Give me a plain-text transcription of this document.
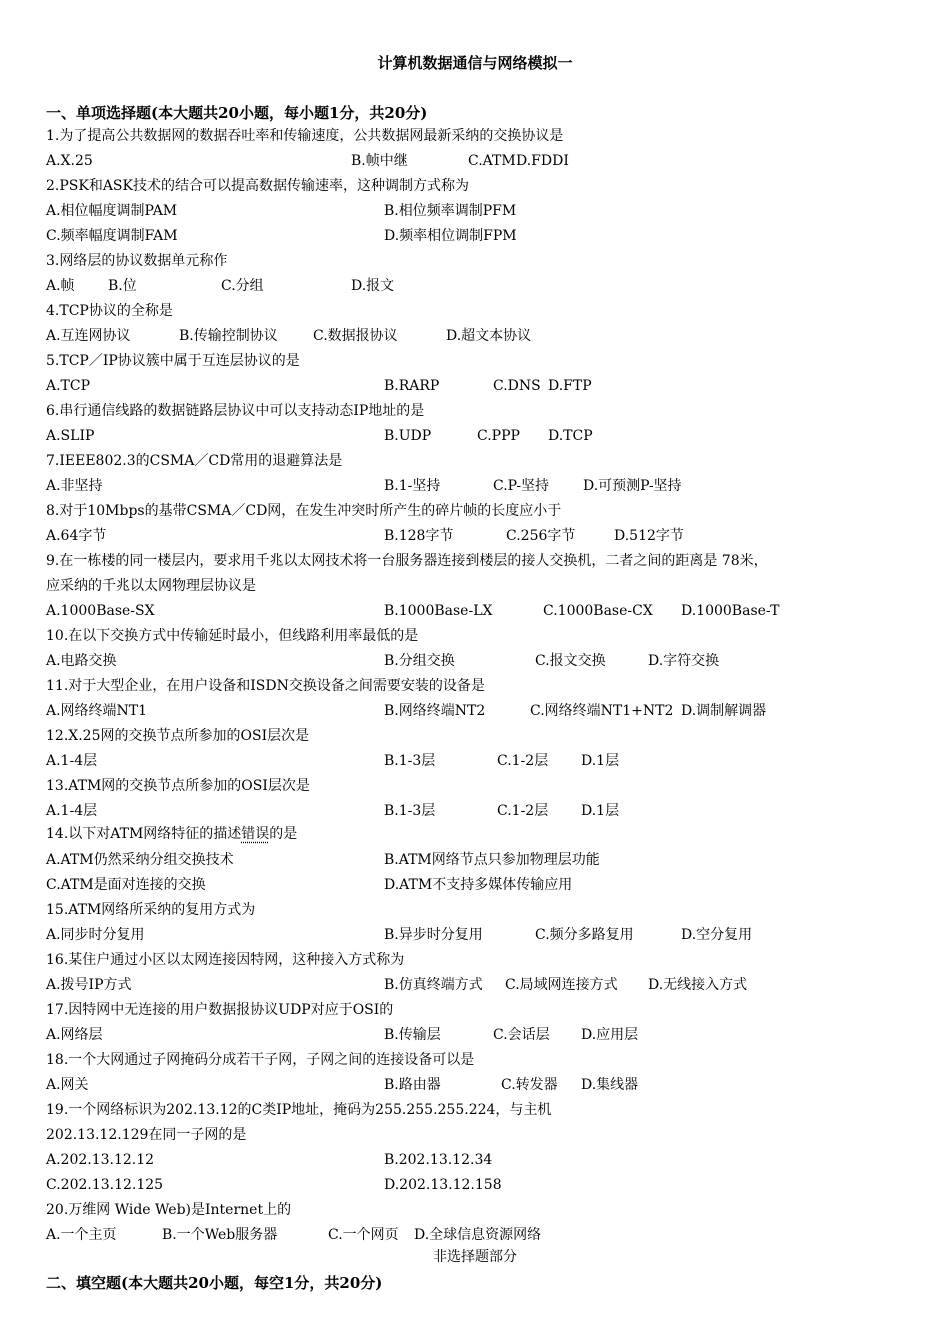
计算机数据通信与网络模拟一
一、单项选择题(本大题共20小题，每小题1分，共20分)
1.为了提高公共数据网的数据吞吐率和传输速度，公共数据网最新采纳的交换协议是
A.X.25	B.帧中继	C.ATM D.FDDI
2.PSK和ASK技术的结合可以提高数据传输速率，这种调制方式称为
A.相位幅度调制PAM	B.相位频率调制PFM
C.频率幅度调制FAM	D.频率相位调制FPM
3.网络层的协议数据单元称作
A.帧 B.位	C.分组	D.报文
4.TCP协议的全称是
A.互连网协议	B.传输控制协议	C.数据报协议	D.超文本协议
5.TCP／IP协议簇中属于互连层协议的是
A.TCP	B.RARP	C.DNS D.FTP
6.串行通信线路的数据链路层协议中可以支持动态IP地址的是
A.SLIP	B.UDP	C.PPP D.TCP
7.IEEE802.3的CSMA／CD常用的退避算法是
A.非坚持	B.1-坚持	C.P-坚持 D.可预测P-坚持
8.对于10Mbps的基带CSMA／CD网，在发生冲突时所产生的碎片帧的长度应小于
A.64字节	B.128字节	C.256字节	D.512字节
9.在一栋楼的同一楼层内，要求用千兆以太网技术将一台服务器连接到楼层的接人交换机，二者之间的距离是 78米，
应采纳的千兆以太网物理层协议是
A.1000Base-SX	B.1000Base-LX	C.1000Base-CX D.1000Base-T
10.在以下交换方式中传输延时最小，但线路利用率最低的是
A.电路交换	B.分组交换	C.报文交换	D.字符交换
11.对于大型企业，在用户设备和ISDN交换设备之间需要安装的设备是
A.网络终端NT1	B.网络终端NT2	C.网络终端NT1+NT2 D.调制解调器
12.X.25网的交换节点所参加的OSI层次是
A.1-4层	B.1-3层	C.1-2层 D.1层
13.ATM网的交换节点所参加的OSI层次是
A.1-4层	B.1-3层	C.1-2层 D.1层
14.以下对ATM网络特征的描述错误的是
A.ATM仍然采纳分组交换技术	B.ATM网络节点只参加物理层功能
C.ATM是面对连接的交换	D.ATM不支持多媒体传输应用
15.ATM网络所采纳的复用方式为
A.同步时分复用	B.异步时分复用	C.频分多路复用	D.空分复用
16.某住户通过小区以太网连接因特网，这种接入方式称为
A.拨号IP方式	B.仿真终端方式 C.局域网连接方式 D.无线接入方式
17.因特网中无连接的用户数据报协议UDP对应于OSI的
A.网络层	B.传输层	C.会话层 D.应用层
18.一个大网通过子网掩码分成若干子网，子网之间的连接设备可以是
A.网关	B.路由器	C.转发器 D.集线器
19.一个网络标识为202.13.12的C类IP地址，掩码为255.255.255.224，与主机
202.13.12.129在同一子网的是
A.202.13.12.12	B.202.13.12.34
C.202.13.12.125	D.202.13.12.158
20.万维网 Wide Web)是Internet上的
A.一个主页	B.一个Web服务器	C.一个网页 D.全球信息资源网络
非选择题部分
二、填空题(本大题共20小题，每空1分，共20分)
